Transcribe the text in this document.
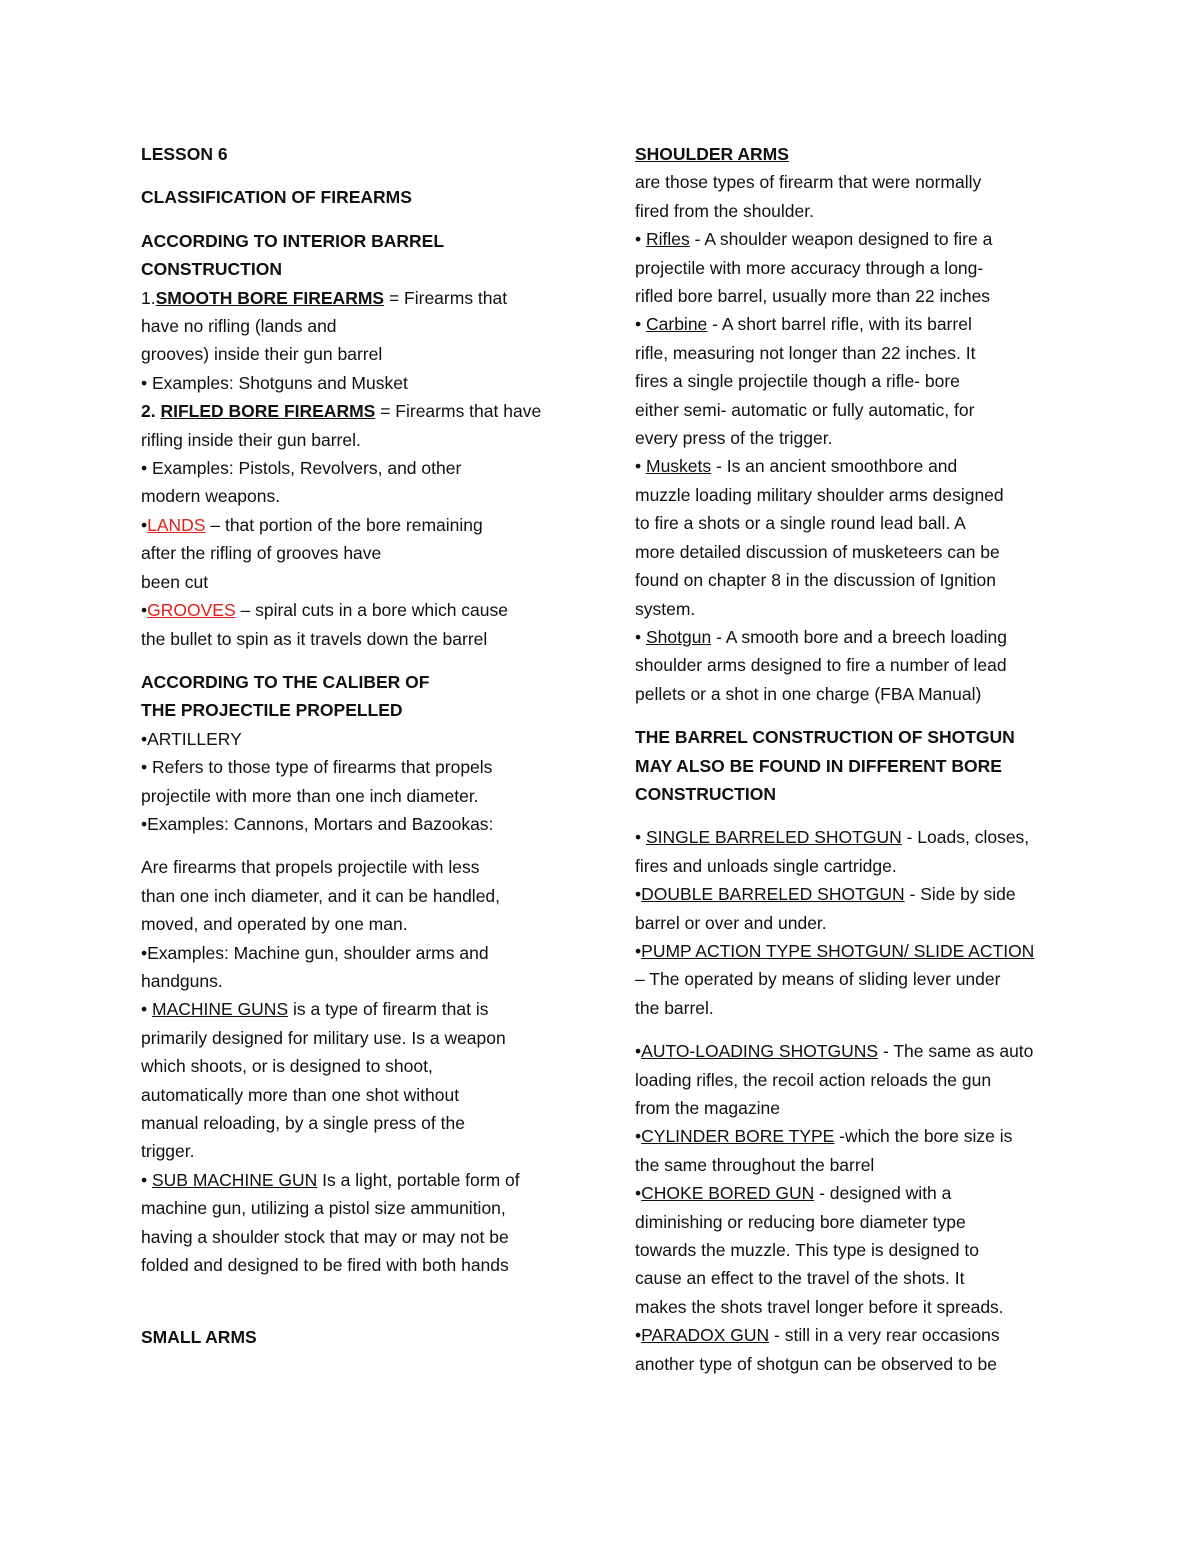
LESSON 6
CLASSIFICATION OF FIREARMS
ACCORDING TO INTERIOR BARREL
CONSTRUCTION
1.SMOOTH BORE FIREARMS = Firearms that
have no rifling (lands and
grooves) inside their gun barrel
• Examples: Shotguns and Musket
2. RIFLED BORE FIREARMS = Firearms that have
rifling inside their gun barrel.
• Examples: Pistols, Revolvers, and other
modern weapons.
•LANDS – that portion of the bore remaining
after the rifling of grooves have
been cut
•GROOVES – spiral cuts in a bore which cause
the bullet to spin as it travels down the barrel
ACCORDING TO THE CALIBER OF
THE PROJECTILE PROPELLED
•ARTILLERY
• Refers to those type of firearms that propels
projectile with more than one inch diameter.
•Examples: Cannons, Mortars and Bazookas:
Are firearms that propels projectile with less
than one inch diameter, and it can be handled,
moved, and operated by one man.
•Examples: Machine gun, shoulder arms and
handguns.
• MACHINE GUNS is a type of firearm that is
primarily designed for military use. Is a weapon
which shoots, or is designed to shoot,
automatically more than one shot without
manual reloading, by a single press of the
trigger.
• SUB MACHINE GUN Is a light, portable form of
machine gun, utilizing a pistol size ammunition,
having a shoulder stock that may or may not be
folded and designed to be fired with both hands
SMALL ARMS
SHOULDER ARMS
are those types of firearm that were normally
fired from the shoulder.
• Rifles - A shoulder weapon designed to fire a
projectile with more accuracy through a long-
rifled bore barrel, usually more than 22 inches
• Carbine - A short barrel rifle, with its barrel
rifle, measuring not longer than 22 inches. It
fires a single projectile though a rifle- bore
either semi- automatic or fully automatic, for
every press of the trigger.
• Muskets - Is an ancient smoothbore and
muzzle loading military shoulder arms designed
to fire a shots or a single round lead ball. A
more detailed discussion of musketeers can be
found on chapter 8 in the discussion of Ignition
system.
• Shotgun - A smooth bore and a breech loading
shoulder arms designed to fire a number of lead
pellets or a shot in one charge (FBA Manual)
THE BARREL CONSTRUCTION OF SHOTGUN
MAY ALSO BE FOUND IN DIFFERENT BORE
CONSTRUCTION
• SINGLE BARRELED SHOTGUN - Loads, closes,
fires and unloads single cartridge.
•DOUBLE BARRELED SHOTGUN - Side by side
barrel or over and under.
•PUMP ACTION TYPE SHOTGUN/ SLIDE ACTION
– The operated by means of sliding lever under
the barrel.
•AUTO-LOADING SHOTGUNS - The same as auto
loading rifles, the recoil action reloads the gun
from the magazine
•CYLINDER BORE TYPE -which the bore size is
the same throughout the barrel
•CHOKE BORED GUN - designed with a
diminishing or reducing bore diameter type
towards the muzzle. This type is designed to
cause an effect to the travel of the shots. It
makes the shots travel longer before it spreads.
•PARADOX GUN - still in a very rear occasions
another type of shotgun can be observed to be
